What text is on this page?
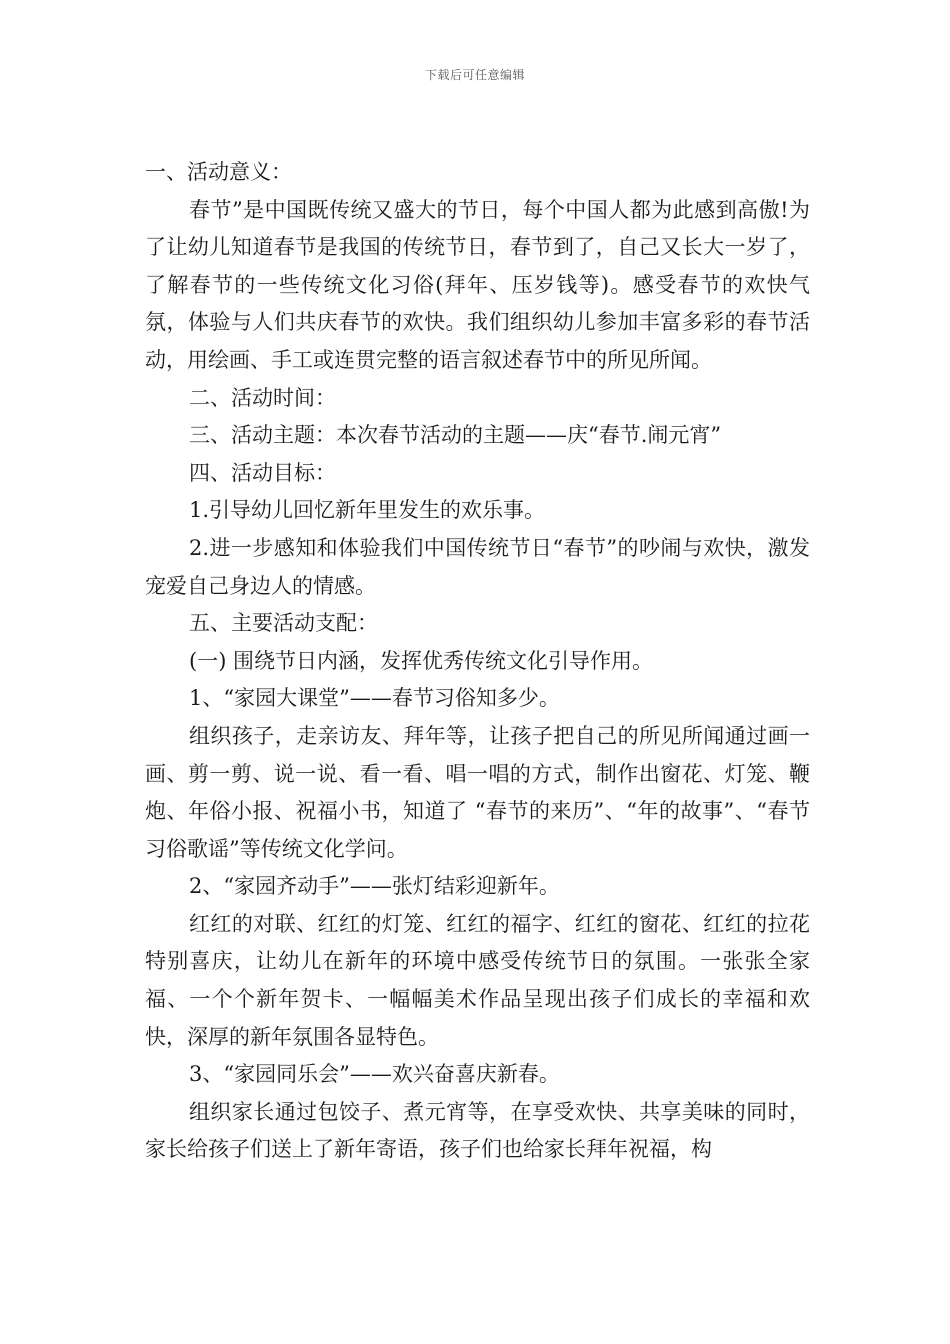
下载后可任意编辑

一、活动意义：

春节”是中国既传统又盛大的节日，每个中国人都为此感到高傲!为了让幼儿知道春节是我国的传统节日，春节到了，自己又长大一岁了，了解春节的一些传统文化习俗(拜年、压岁钱等)。感受春节的欢快气氛，体验与人们共庆春节的欢快。我们组织幼儿参加丰富多彩的春节活动，用绘画、手工或连贯完整的语言叙述春节中的所见所闻。

二、活动时间：

三、活动主题：本次春节活动的主题——庆“春节.闹元宵”

四、活动目标：

1.引导幼儿回忆新年里发生的欢乐事。

2.进一步感知和体验我们中国传统节日“春节”的吵闹与欢快，激发宠爱自己身边人的情感。

五、主要活动支配：

(一) 围绕节日内涵，发挥优秀传统文化引导作用。

1、“家园大课堂”——春节习俗知多少。

组织孩子，走亲访友、拜年等，让孩子把自己的所见所闻通过画一画、剪一剪、说一说、看一看、唱一唱的方式，制作出窗花、灯笼、鞭炮、年俗小报、祝福小书，知道了 “春节的来历”、“年的故事”、“春节习俗歌谣”等传统文化学问。

2、“家园齐动手”——张灯结彩迎新年。

红红的对联、红红的灯笼、红红的福字、红红的窗花、红红的拉花特别喜庆，让幼儿在新年的环境中感受传统节日的氛围。一张张全家福、一个个新年贺卡、一幅幅美术作品呈现出孩子们成长的幸福和欢快，深厚的新年氛围各显特色。

3、“家园同乐会”——欢兴奋喜庆新春。

组织家长通过包饺子、煮元宵等，在享受欢快、共享美味的同时，家长给孩子们送上了新年寄语，孩子们也给家长拜年祝福，构
